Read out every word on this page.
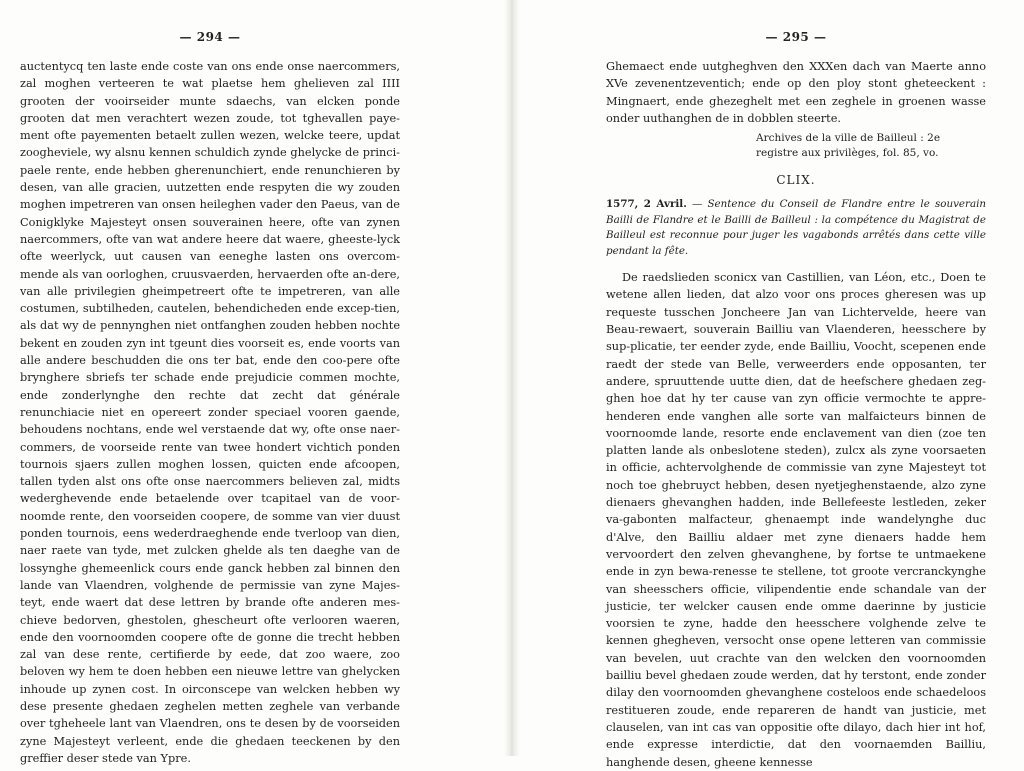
— 294 —

auctentycq ten laste ende coste van ons ende onse naercommers, zal moghen verteeren te wat plaetse hem ghelieven zal IIII grooten der vooirseider munte sdaechs, van elcken ponde grooten dat men verachtert wezen zoude, tot tghevallen paye-ment ofte payementen betaelt zullen wezen, welcke teere, updat zoogheviele, wy alsnu kennen schuldich zynde ghelycke de princi-paele rente, ende hebben gherenunchiert, ende renunchieren by desen, van alle gracien, uutzetten ende respyten die wy zouden moghen impetreren van onsen heileghen vader den Paeus, van de Conigklyke Majesteyt onsen souverainen heere, ofte van zynen naercommers, ofte van wat andere heere dat waere, gheeste-lyck ofte weerlyck, uut causen van eeneghe lasten ons overcom-mende als van oorloghen, cruusvaerden, hervaerden ofte an-dere, van alle privilegien gheimpetreert ofte te impetreren, van alle costumen, subtilheden, cautelen, behendicheden ende excep-tien, als dat wy de pennynghen niet ontfanghen zouden hebben nochte bekent en zouden zyn int tgeunt dies voorseit es, ende voorts van alle andere beschudden die ons ter bat, ende den coo-pere ofte brynghere sbriefs ter schade ende prejudicie commen mochte, ende zonderlynghe den rechte dat zecht dat générale renunchiacie niet en opereert zonder speciael vooren gaende, behoudens nochtans, ende wel verstaende dat wy, ofte onse naer-commers, de voorseide rente van twee hondert vichtich ponden tournois sjaers zullen moghen lossen, quicten ende afcoopen, tallen tyden alst ons ofte onse naercommers believen zal, midts wederghevende ende betaelende over tcapitael van de voor-noomde rente, den voorseiden coopere, de somme van vier duust ponden tournois, eens wederdraeghende ende tverloop van dien, naer raete van tyde, met zulcken ghelde als ten daeghe van de lossynghe ghemeenlick cours ende ganck hebben zal binnen den lande van Vlaendren, volghende de permissie van zyne Majes-teyt, ende waert dat dese lettren by brande ofte anderen mes-chieve bedorven, ghestolen, ghescheurt ofte verlooren waeren, ende den voornoomden coopere ofte de gonne die trecht hebben zal van dese rente, certifierde by eede, dat zoo waere, zoo beloven wy hem te doen hebben een nieuwe lettre van ghelycken inhoude up zynen cost. In oirconscepe van welcken hebben wy dese presente ghedaen zeghelen metten zeghele van verbande over tgheheele lant van Vlaendren, ons te desen by de voorseiden zyne Majesteyt verleent, ende die ghedaen teeckenen by den greffier deser stede van Ypre.

— 295 —

Ghemaect ende uutgheghven den XXXen dach van Maerte anno XVe zevenentzeventich; ende op den ploy stont gheteeckent : Mingnaert, ende ghezeghelt met een zeghele in groenen wasse onder uuthanghen de in dobblen steerte.

Archives de la ville de Bailleul : 2e
registre aux privilèges, fol. 85, vo.
CLIX.

1577, 2 Avril. — Sentence du Conseil de Flandre entre le souverain Bailli de Flandre et le Bailli de Bailleul : la compétence du Magistrat de Bailleul est reconnue pour juger les vagabonds arrêtés dans cette ville pendant la fête.

De raedslieden sconicx van Castillien, van Léon, etc., Doen te wetene allen lieden, dat alzo voor ons proces gheresen was up requeste tusschen Joncheere Jan van Lichtervelde, heere van Beau-rewaert, souverain Bailliu van Vlaenderen, heesschere by sup-plicatie, ter eender zyde, ende Bailliu, Voocht, scepenen ende raedt der stede van Belle, verweerders ende opposanten, ter andere, spruuttende uutte dien, dat de heefschere ghedaen zeg-ghen hoe dat hy ter cause van zyn officie vermochte te appre-henderen ende vanghen alle sorte van malfaicteurs binnen de voornoomde lande, resorte ende enclavement van dien (zoe ten platten lande als onbeslotene steden), zulcx als zyne voorsaeten in officie, achtervolghende de commissie van zyne Majesteyt tot noch toe ghebruyct hebben, desen nyetjeghenstaende, alzo zyne dienaers ghevanghen hadden, inde Bellefeeste lestleden, zeker va-gabonten malfacteur, ghenaempt inde wandelynghe duc d'Alve, den Bailliu aldaer met zyne dienaers hadde hem vervoordert den zelven ghevanghene, by fortse te untmaekene ende in zyn bewa-renesse te stellene, tot groote vercranckynghe van sheesschers officie, vilipendentie ende schandale van der justicie, ter welcker causen ende omme daerinne by justicie voorsien te zyne, hadde den heesschere volghende zelve te kennen ghegheven, versocht onse opene letteren van commissie van bevelen, uut crachte van den welcken den voornoomden bailliu bevel ghedaen zoude werden, dat hy terstont, ende zonder dilay den voornoomden ghevanghene costeloos ende schaedeloos restitueren zoude, ende repareren de handt van justicie, met clauselen, van int cas van oppositie ofte dilayo, dach hier int hof, ende expresse interdictie, dat den voornaemden Bailliu, hanghende desen, gheene kennesse
